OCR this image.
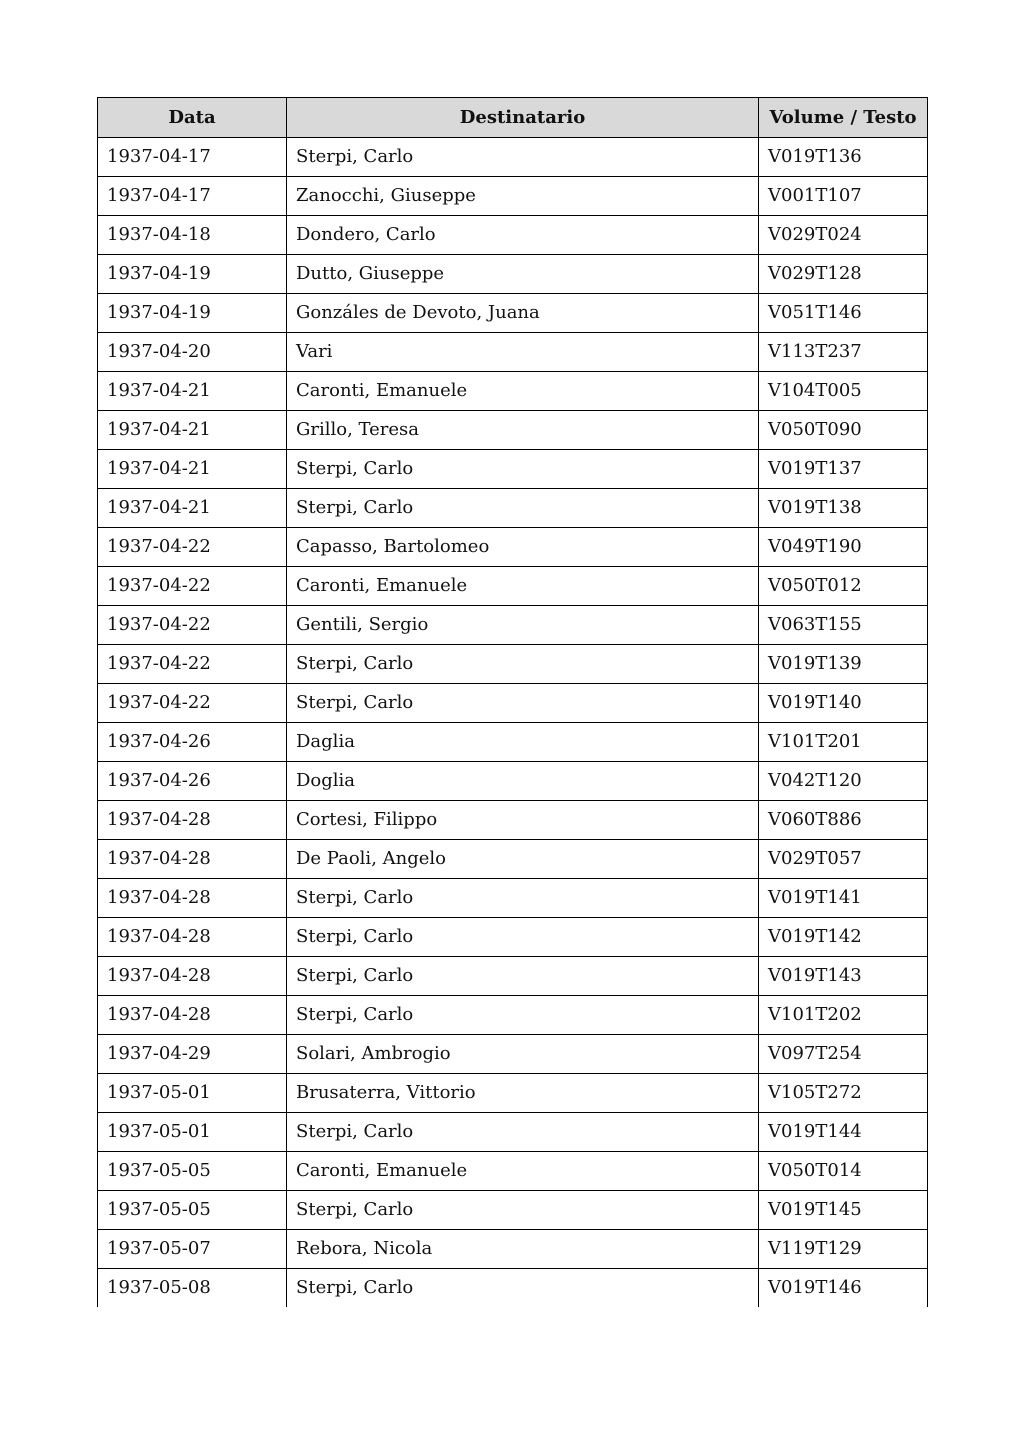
Data	Destinatario	Volume / Testo
1937-04-17	Sterpi, Carlo	V019T136
1937-04-17	Zanocchi, Giuseppe	V001T107
1937-04-18	Dondero, Carlo	V029T024
1937-04-19	Dutto, Giuseppe	V029T128
1937-04-19	Gonzáles de Devoto, Juana	V051T146
1937-04-20	Vari	V113T237
1937-04-21	Caronti, Emanuele	V104T005
1937-04-21	Grillo, Teresa	V050T090
1937-04-21	Sterpi, Carlo	V019T137
1937-04-21	Sterpi, Carlo	V019T138
1937-04-22	Capasso, Bartolomeo	V049T190
1937-04-22	Caronti, Emanuele	V050T012
1937-04-22	Gentili, Sergio	V063T155
1937-04-22	Sterpi, Carlo	V019T139
1937-04-22	Sterpi, Carlo	V019T140
1937-04-26	Daglia	V101T201
1937-04-26	Doglia	V042T120
1937-04-28	Cortesi, Filippo	V060T886
1937-04-28	De Paoli, Angelo	V029T057
1937-04-28	Sterpi, Carlo	V019T141
1937-04-28	Sterpi, Carlo	V019T142
1937-04-28	Sterpi, Carlo	V019T143
1937-04-28	Sterpi, Carlo	V101T202
1937-04-29	Solari, Ambrogio	V097T254
1937-05-01	Brusaterra, Vittorio	V105T272
1937-05-01	Sterpi, Carlo	V019T144
1937-05-05	Caronti, Emanuele	V050T014
1937-05-05	Sterpi, Carlo	V019T145
1937-05-07	Rebora, Nicola	V119T129
1937-05-08	Sterpi, Carlo	V019T146
